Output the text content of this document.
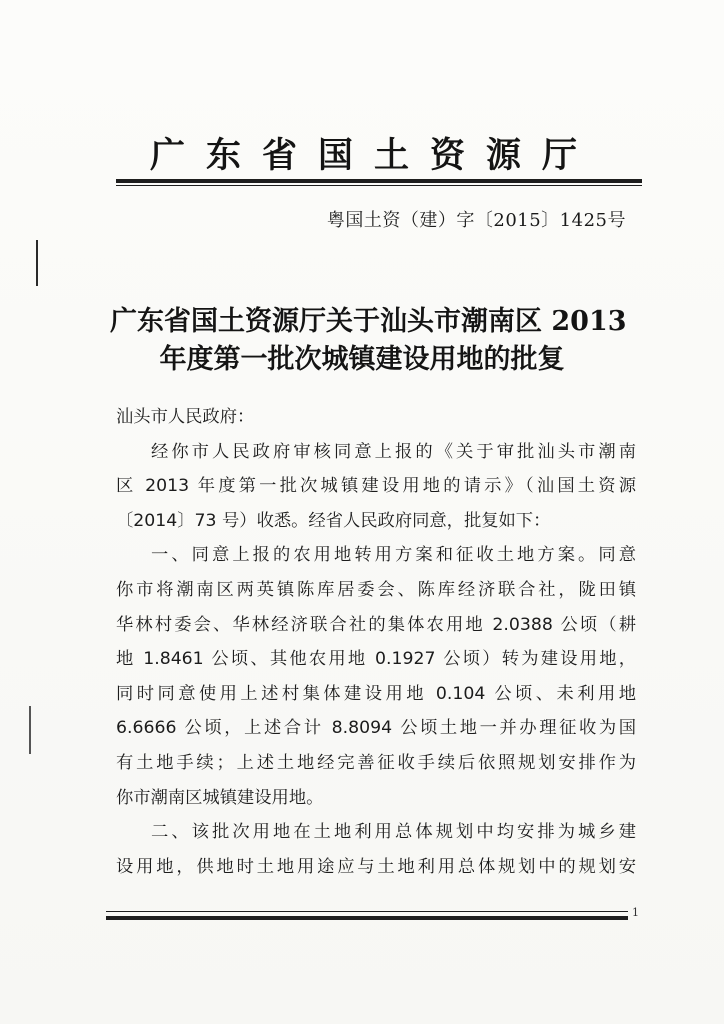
广东省国土资源厅
粤国土资（建）字〔2015〕1425号
广东省国土资源厅关于汕头市潮南区 2013
年度第一批次城镇建设用地的批复
汕头市人民政府：
经你市人民政府审核同意上报的《关于审批汕头市潮南
区 2013 年度第一批次城镇建设用地的请示》（汕国土资源
〔2014〕73 号）收悉。经省人民政府同意，批复如下：
一、同意上报的农用地转用方案和征收土地方案。同意
你市将潮南区两英镇陈库居委会、陈库经济联合社，陇田镇
华林村委会、华林经济联合社的集体农用地 2.0388 公顷（耕
地 1.8461 公顷、其他农用地 0.1927 公顷）转为建设用地，
同时同意使用上述村集体建设用地 0.104 公顷、未利用地
6.6666 公顷，上述合计 8.8094 公顷土地一并办理征收为国
有土地手续；上述土地经完善征收手续后依照规划安排作为
你市潮南区城镇建设用地。
二、该批次用地在土地利用总体规划中均安排为城乡建
设用地，供地时土地用途应与土地利用总体规划中的规划安
1
